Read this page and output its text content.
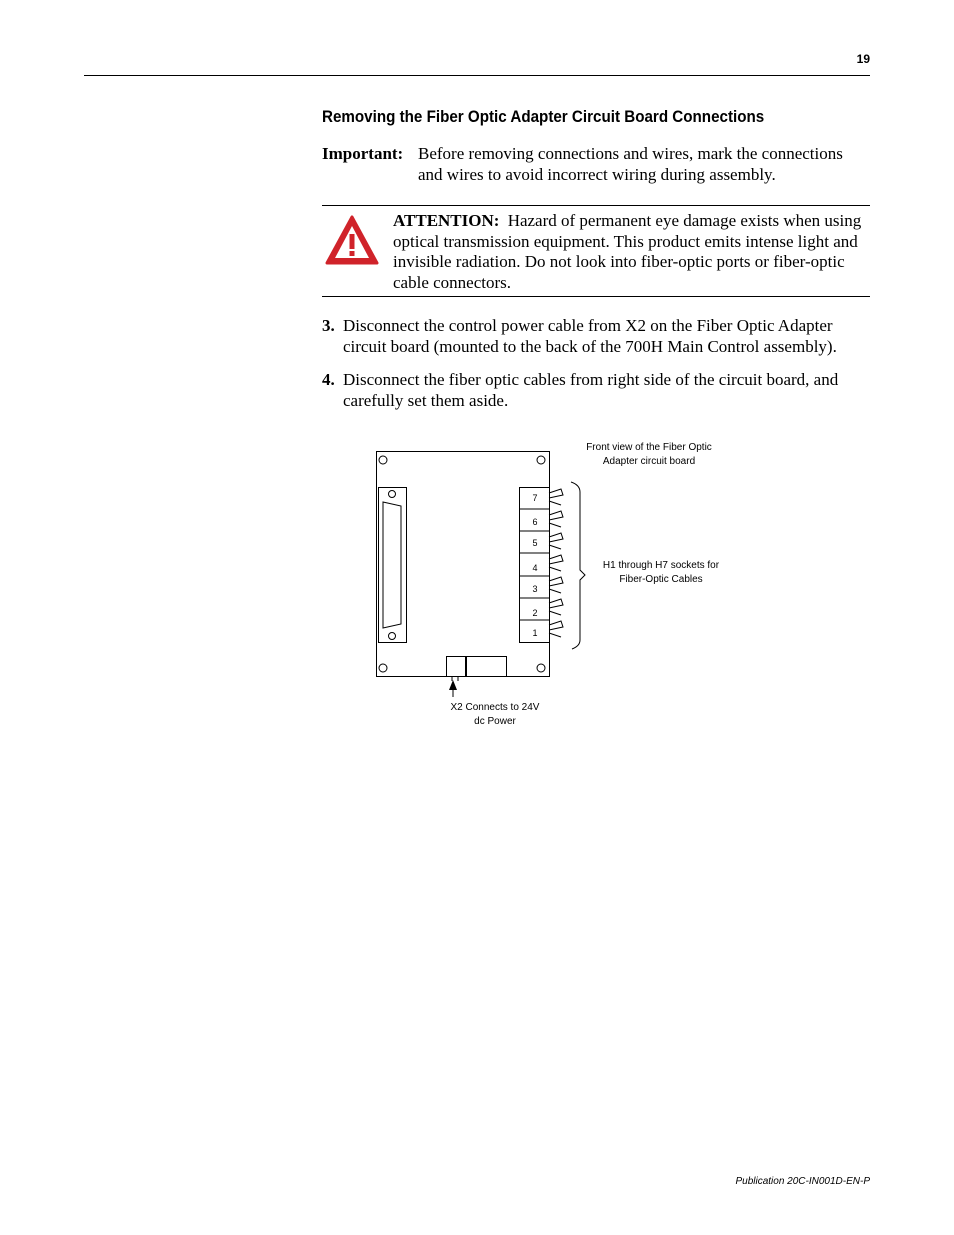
19
Removing the Fiber Optic Adapter Circuit Board Connections
Important: Before removing connections and wires, mark the connections and wires to avoid incorrect wiring during assembly.
ATTENTION: Hazard of permanent eye damage exists when using optical transmission equipment. This product emits intense light and invisible radiation. Do not look into fiber-optic ports or fiber-optic cable connectors.
3. Disconnect the control power cable from X2 on the Fiber Optic Adapter circuit board (mounted to the back of the 700H Main Control assembly).
4. Disconnect the fiber optic cables from right side of the circuit board, and carefully set them aside.
7
6
5
4
3
2
1
Front view of the Fiber Optic
Adapter circuit board
H1 through H7 sockets for
Fiber-Optic Cables
X2 Connects to 24V
dc Power
Publication 20C-IN001D-EN-P
